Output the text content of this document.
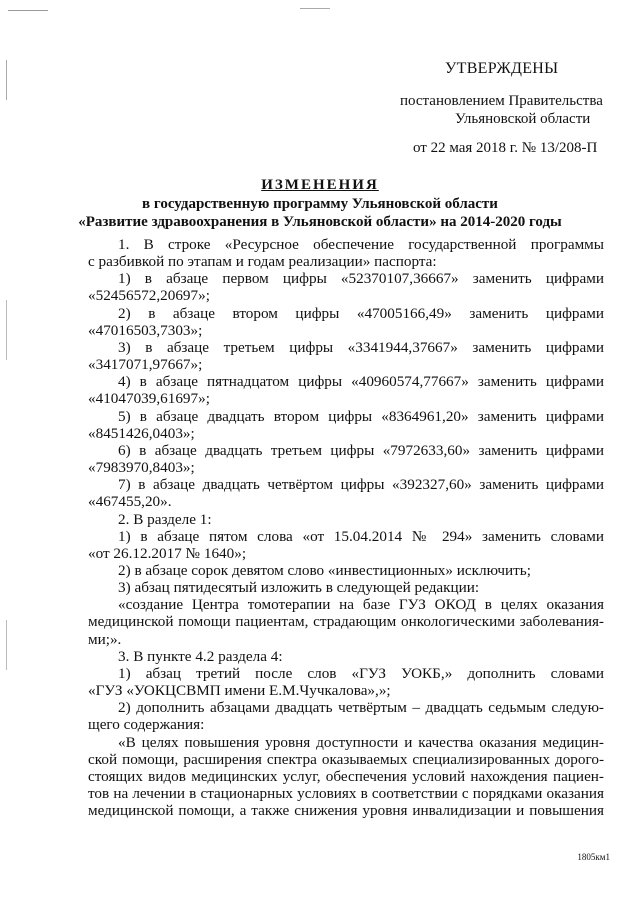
УТВЕРЖДЕНЫ
постановлением Правительства
Ульяновской области
от 22 мая 2018 г. № 13/208-П
ИЗМЕНЕНИЯ
в государственную программу Ульяновской области
«Развитие здравоохранения в Ульяновской области» на 2014-2020 годы

1. В строке «Ресурсное обеспечение государственной программы

с разбивкой по этапам и годам реализации» паспорта:

1) в абзаце первом цифры «52370107,36667» заменить цифрами

«52456572,20697»;

2) в абзаце втором цифры «47005166,49» заменить цифрами

«47016503,7303»;

3) в абзаце третьем цифры «3341944,37667» заменить цифрами

«3417071,97667»;

4) в абзаце пятнадцатом цифры «40960574,77667» заменить цифрами

«41047039,61697»;

5) в абзаце двадцать втором цифры «8364961,20» заменить цифрами

«8451426,0403»;

6) в абзаце двадцать третьем цифры «7972633,60» заменить цифрами

«7983970,8403»;

7) в абзаце двадцать четвёртом цифры «392327,60» заменить цифрами

«467455,20».

2. В разделе 1:

1) в абзаце пятом слова «от 15.04.2014 № 294» заменить словами

«от 26.12.2017 № 1640»;

2) в абзаце сорок девятом слово «инвестиционных» исключить;

3) абзац пятидесятый изложить в следующей редакции:

«создание Центра томотерапии на базе ГУЗ ОКОД в целях оказания

медицинской помощи пациентам, страдающим онкологическими заболевания-

ми;».

3. В пункте 4.2 раздела 4:

1) абзац третий после слов «ГУЗ УОКБ,» дополнить словами

«ГУЗ «УОКЦСВМП имени Е.М.Чучкалова»,»;

2) дополнить абзацами двадцать четвёртым – двадцать седьмым следую-

щего содержания:

«В целях повышения уровня доступности и качества оказания медицин-

ской помощи, расширения спектра оказываемых специализированных дорого-

стоящих видов медицинских услуг, обеспечения условий нахождения пациен-

тов на лечении в стационарных условиях в соответствии с порядками оказания

медицинской помощи, а также снижения уровня инвалидизации и повышения

1805км1
